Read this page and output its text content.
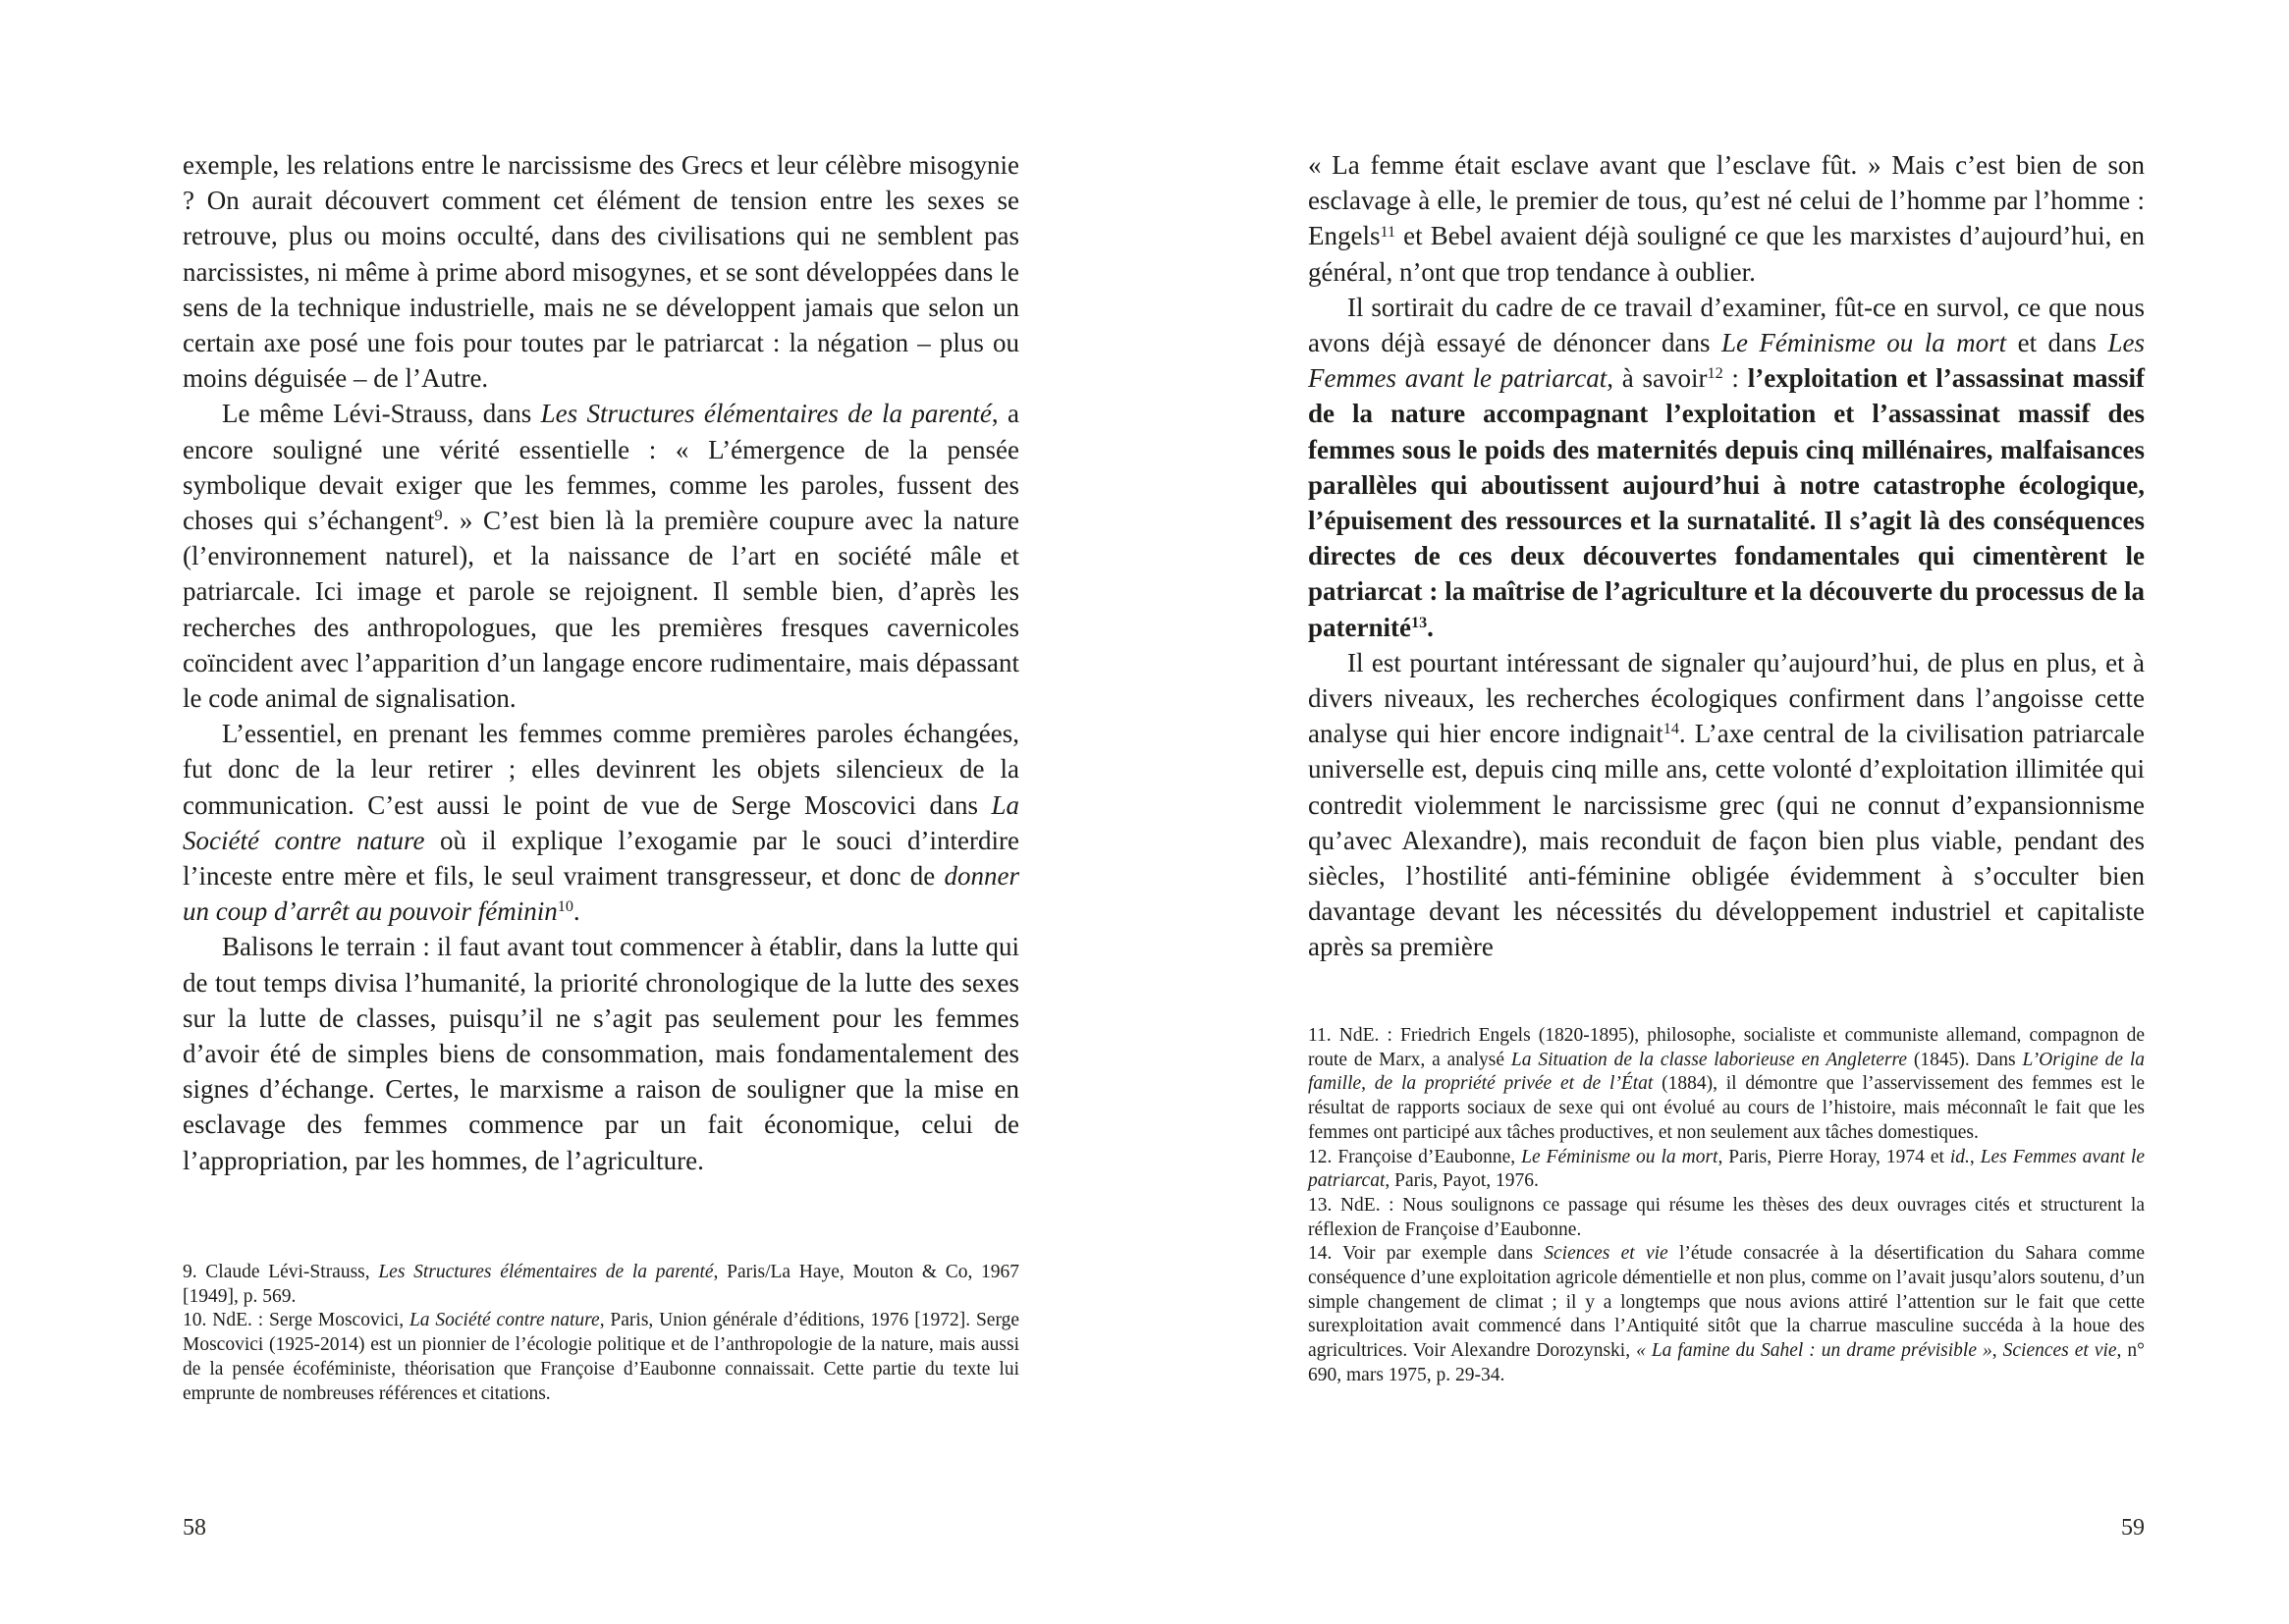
exemple, les relations entre le narcissisme des Grecs et leur célèbre misogynie ? On aurait découvert comment cet élément de tension entre les sexes se retrouve, plus ou moins occulté, dans des civilisations qui ne semblent pas narcissistes, ni même à prime abord misogynes, et se sont développées dans le sens de la technique industrielle, mais ne se développent jamais que selon un certain axe posé une fois pour toutes par le patriarcat : la négation – plus ou moins déguisée – de l’Autre.

Le même Lévi-Strauss, dans Les Structures élémentaires de la parenté, a encore souligné une vérité essentielle : « L’émergence de la pensée symbolique devait exiger que les femmes, comme les paroles, fussent des choses qui s’échangent$^9$. » C’est bien là la première coupure avec la nature (l’environnement naturel), et la naissance de l’art en société mâle et patriarcale. Ici image et parole se rejoignent. Il semble bien, d’après les recherches des anthropologues, que les premières fresques cavernicoles coïncident avec l’apparition d’un langage encore rudimentaire, mais dépassant le code animal de signalisation.

L’essentiel, en prenant les femmes comme premières paroles échangées, fut donc de la leur retirer ; elles devinrent les objets silencieux de la communication. C’est aussi le point de vue de Serge Moscovici dans La Société contre nature où il explique l’exogamie par le souci d’interdire l’inceste entre mère et fils, le seul vraiment transgresseur, et donc de donner un coup d’arrêt au pouvoir féminin$^{10}$.

Balisons le terrain : il faut avant tout commencer à établir, dans la lutte qui de tout temps divisa l’humanité, la priorité chronologique de la lutte des sexes sur la lutte de classes, puisqu’il ne s’agit pas seulement pour les femmes d’avoir été de simples biens de consommation, mais fondamentalement des signes d’échange. Certes, le marxisme a raison de souligner que la mise en esclavage des femmes commence par un fait économique, celui de l’appropriation, par les hommes, de l’agriculture.

9. Claude Lévi-Strauss, Les Structures élémentaires de la parenté, Paris/La Haye, Mouton & Co, 1967 [1949], p. 569.

10. NdE. : Serge Moscovici, La Société contre nature, Paris, Union générale d’éditions, 1976 [1972]. Serge Moscovici (1925-2014) est un pionnier de l’écologie politique et de l’anthropologie de la nature, mais aussi de la pensée écoféministe, théorisation que Françoise d’Eaubonne connaissait. Cette partie du texte lui emprunte de nombreuses références et citations.

58

« La femme était esclave avant que l’esclave fût. » Mais c’est bien de son esclavage à elle, le premier de tous, qu’est né celui de l’homme par l’homme : Engels$^{11}$ et Bebel avaient déjà souligné ce que les marxistes d’aujourd’hui, en général, n’ont que trop tendance à oublier.

Il sortirait du cadre de ce travail d’examiner, fût-ce en survol, ce que nous avons déjà essayé de dénoncer dans Le Féminisme ou la mort et dans Les Femmes avant le patriarcat, à savoir$^{12}$ : l’exploitation et l’assassinat massif de la nature accompagnant l’exploitation et l’assassinat massif des femmes sous le poids des maternités depuis cinq millénaires, malfaisances parallèles qui aboutissent aujourd’hui à notre catastrophe écologique, l’épuisement des ressources et la surnatalité. Il s’agit là des conséquences directes de ces deux découvertes fondamentales qui cimentèrent le patriarcat : la maîtrise de l’agriculture et la découverte du processus de la paternité$^{13}$.

Il est pourtant intéressant de signaler qu’aujourd’hui, de plus en plus, et à divers niveaux, les recherches écologiques confirment dans l’angoisse cette analyse qui hier encore indignait$^{14}$. L’axe central de la civilisation patriarcale universelle est, depuis cinq mille ans, cette volonté d’exploitation illimitée qui contredit violemment le narcissisme grec (qui ne connut d’expansionnisme qu’avec Alexandre), mais reconduit de façon bien plus viable, pendant des siècles, l’hostilité anti-féminine obligée évidemment à s’occulter bien davantage devant les nécessités du développement industriel et capitaliste après sa première

11. NdE. : Friedrich Engels (1820-1895), philosophe, socialiste et communiste allemand, compagnon de route de Marx, a analysé La Situation de la classe laborieuse en Angleterre (1845). Dans L’Origine de la famille, de la propriété privée et de l’État (1884), il démontre que l’asservissement des femmes est le résultat de rapports sociaux de sexe qui ont évolué au cours de l’histoire, mais méconnaît le fait que les femmes ont participé aux tâches productives, et non seulement aux tâches domestiques.

12. Françoise d’Eaubonne, Le Féminisme ou la mort, Paris, Pierre Horay, 1974 et id., Les Femmes avant le patriarcat, Paris, Payot, 1976.

13. NdE. : Nous soulignons ce passage qui résume les thèses des deux ouvrages cités et structurent la réflexion de Françoise d’Eaubonne.

14. Voir par exemple dans Sciences et vie l’étude consacrée à la désertification du Sahara comme conséquence d’une exploitation agricole démentielle et non plus, comme on l’avait jusqu’alors soutenu, d’un simple changement de climat ; il y a longtemps que nous avions attiré l’attention sur le fait que cette surexploitation avait commencé dans l’Antiquité sitôt que la charrue masculine succéda à la houe des agricultrices. Voir Alexandre Dorozynski, « La famine du Sahel : un drame prévisible », Sciences et vie, n° 690, mars 1975, p. 29-34.

59
